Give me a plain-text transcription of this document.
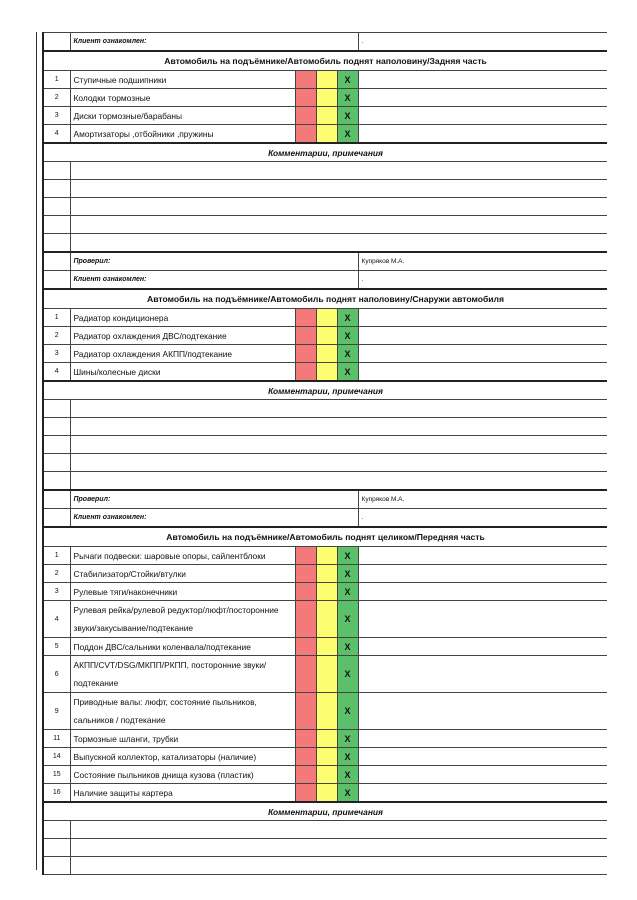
	Клиент ознакомлен:				.
Автомобиль на подъёмнике/Автомобиль поднят наполовину/Задняя часть					
1	Ступичные подшипники			X	
2	Колодки тормозные			X	
3	Диски тормозные/барабаны			X	
4	Амортизаторы ,отбойники ,пружины			X	
Комментарии, примечания					

	Проверил:				Купряков М.А.
	Клиент ознакомлен:				.
Автомобиль на подъёмнике/Автомобиль поднят наполовину/Снаружи автомобиля					
1	Радиатор кондиционера			X	
2	Радиатор охлаждения ДВС/подтекание			X	
3	Радиатор охлаждения АКПП/подтекание			X	
4	Шины/колесные диски			X	
Комментарии, примечания					

	Проверил:				Купряков М.А.
	Клиент ознакомлен:				.
Автомобиль на подъёмнике/Автомобиль поднят целиком/Передняя часть					
1	Рычаги подвески: шаровые опоры, сайлентблоки			X	
2	Стабилизатор/Стойки/втулки			X	
3	Рулевые тяги/наконечники			X	
4	Рулевая рейка/рулевой редуктор/люфт/посторонние звуки/закусывание/подтекание			X	
5	Поддон ДВС/сальники коленвала/подтекание			X	
6	АКПП/CVT/DSG/МКПП/РКПП, посторонние звуки/ подтекание			X	
9	Приводные валы: люфт, состояние пыльников, сальников / подтекание			X	
11	Тормозные шланги, трубки			X	
14	Выпускной коллектор, катализаторы (наличие)			X	
15	Состояние пыльников днища кузова (пластик)			X	
16	Наличие защиты картера			X	
Комментарии, примечания					
